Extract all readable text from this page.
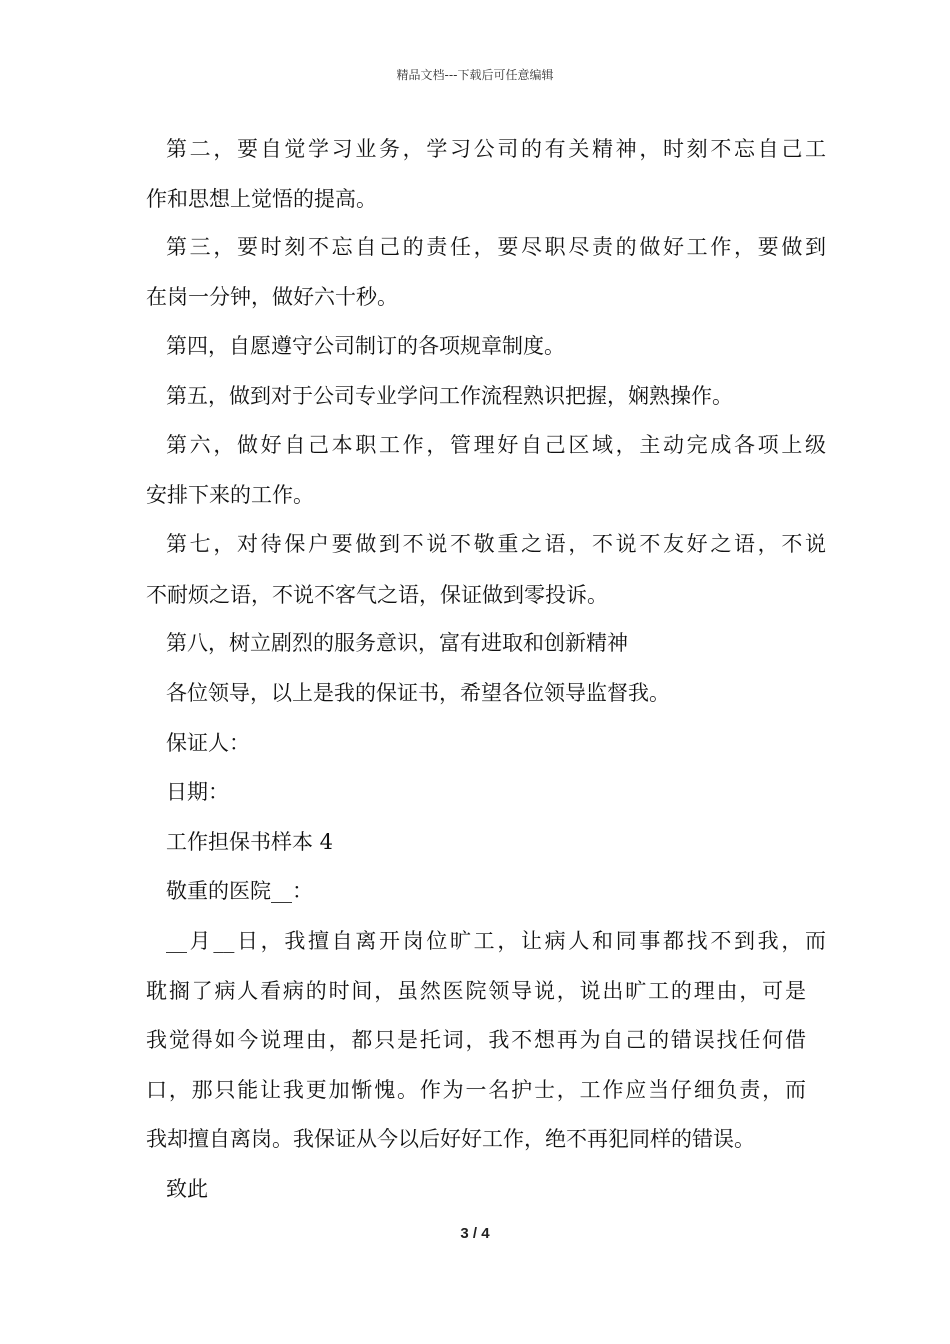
精品文档---下载后可任意编辑
第二，要自觉学习业务，学习公司的有关精神，时刻不忘自己工
作和思想上觉悟的提高。
第三，要时刻不忘自己的责任，要尽职尽责的做好工作，要做到
在岗一分钟，做好六十秒。
第四，自愿遵守公司制订的各项规章制度。
第五，做到对于公司专业学问工作流程熟识把握，娴熟操作。
第六，做好自己本职工作，管理好自己区域，主动完成各项上级
安排下来的工作。
第七，对待保户要做到不说不敬重之语，不说不友好之语，不说
不耐烦之语，不说不客气之语，保证做到零投诉。
第八，树立剧烈的服务意识，富有进取和创新精神
各位领导，以上是我的保证书，希望各位领导监督我。
保证人：
日期：
工作担保书样本 4
敬重的医院__：
__月__日，我擅自离开岗位旷工，让病人和同事都找不到我，而
耽搁了病人看病的时间，虽然医院领导说，说出旷工的理由，可是
我觉得如今说理由，都只是托词，我不想再为自己的错误找任何借
口，那只能让我更加惭愧。作为一名护士，工作应当仔细负责，而
我却擅自离岗。我保证从今以后好好工作，绝不再犯同样的错误。
致此
3 / 4
